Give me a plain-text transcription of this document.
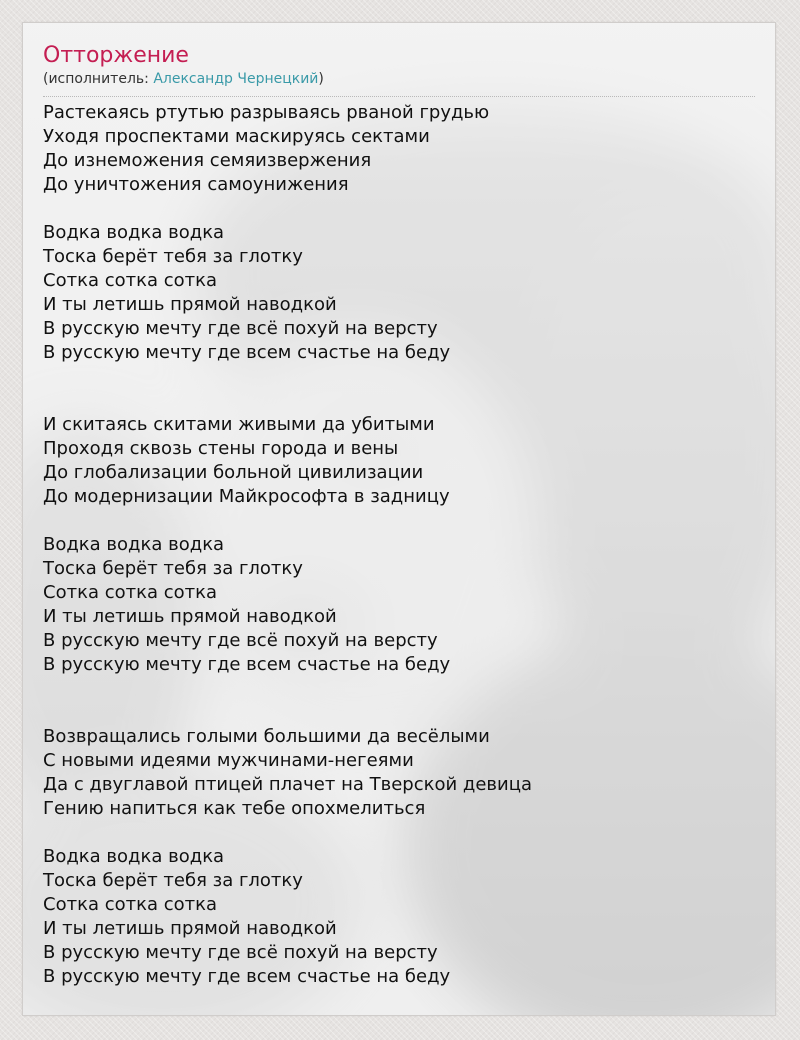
Отторжение

(исполнитель: Александр Чернецкий)

Растекаясь ртутью разрываясь рваной грудью
Уходя проспектами маскируясь сектами
До изнеможения семяизвержения
До уничтожения самоунижения
Водка водка водка
Тоска берёт тебя за глотку
Сотка сотка сотка
И ты летишь прямой наводкой
В русскую мечту где всё похуй на версту
В русскую мечту где всем счастье на беду
И скитаясь скитами живыми да убитыми
Проходя сквозь стены города и вены
До глобализации больной цивилизации
До модернизации Майкрософта в задницу
Водка водка водка
Тоска берёт тебя за глотку
Сотка сотка сотка
И ты летишь прямой наводкой
В русскую мечту где всё похуй на версту
В русскую мечту где всем счастье на беду
Возвращались голыми большими да весёлыми
С новыми идеями мужчинами-негеями
Да с двуглавой птицей плачет на Тверской девица
Гению напиться как тебе опохмелиться
Водка водка водка
Тоска берёт тебя за глотку
Сотка сотка сотка
И ты летишь прямой наводкой
В русскую мечту где всё похуй на версту
В русскую мечту где всем счастье на беду
